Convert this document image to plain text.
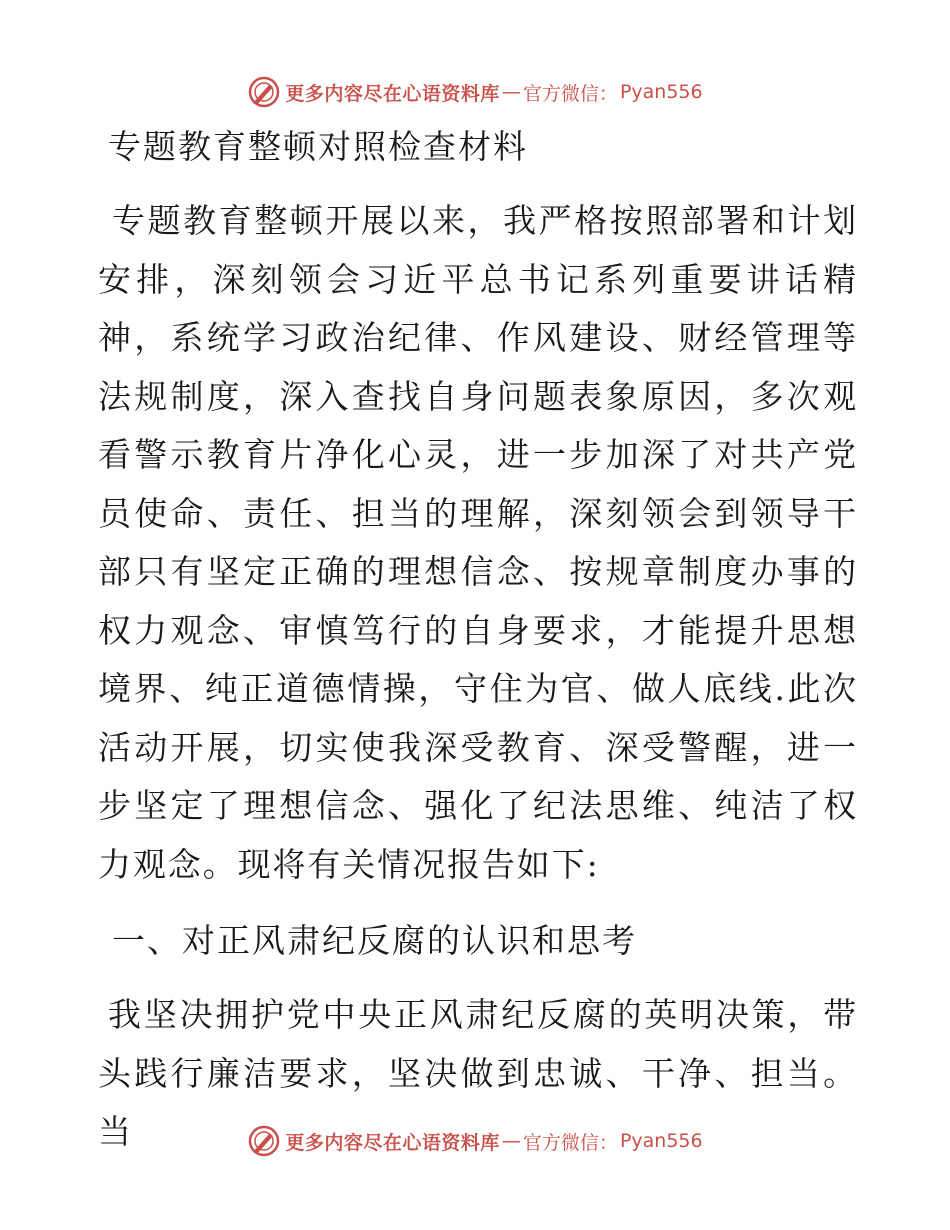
更多内容尽在心语资料库 — 官方微信： Pyan556
专题教育整顿对照检查材料

专题教育整顿开展以来，我严格按照部署和计划安排，深刻领会习近平总书记系列重要讲话精神，系统学习政治纪律、作风建设、财经管理等法规制度，深入查找自身问题表象原因，多次观看警示教育片净化心灵，进一步加深了对共产党员使命、责任、担当的理解，深刻领会到领导干部只有坚定正确的理想信念、按规章制度办事的权力观念、审慎笃行的自身要求，才能提升思想境界、纯正道德情操，守住为官、做人底线.此次活动开展，切实使我深受教育、深受警醒，进一步坚定了理想信念、强化了纪法思维、纯洁了权力观念。现将有关情况报告如下:

一、对正风肃纪反腐的认识和思考

我坚决拥护党中央正风肃纪反腐的英明决策，带头践行廉洁要求，坚决做到忠诚、干净、担当。当	更多内容尽在心语资料库 — 官方微信： Pyan556
